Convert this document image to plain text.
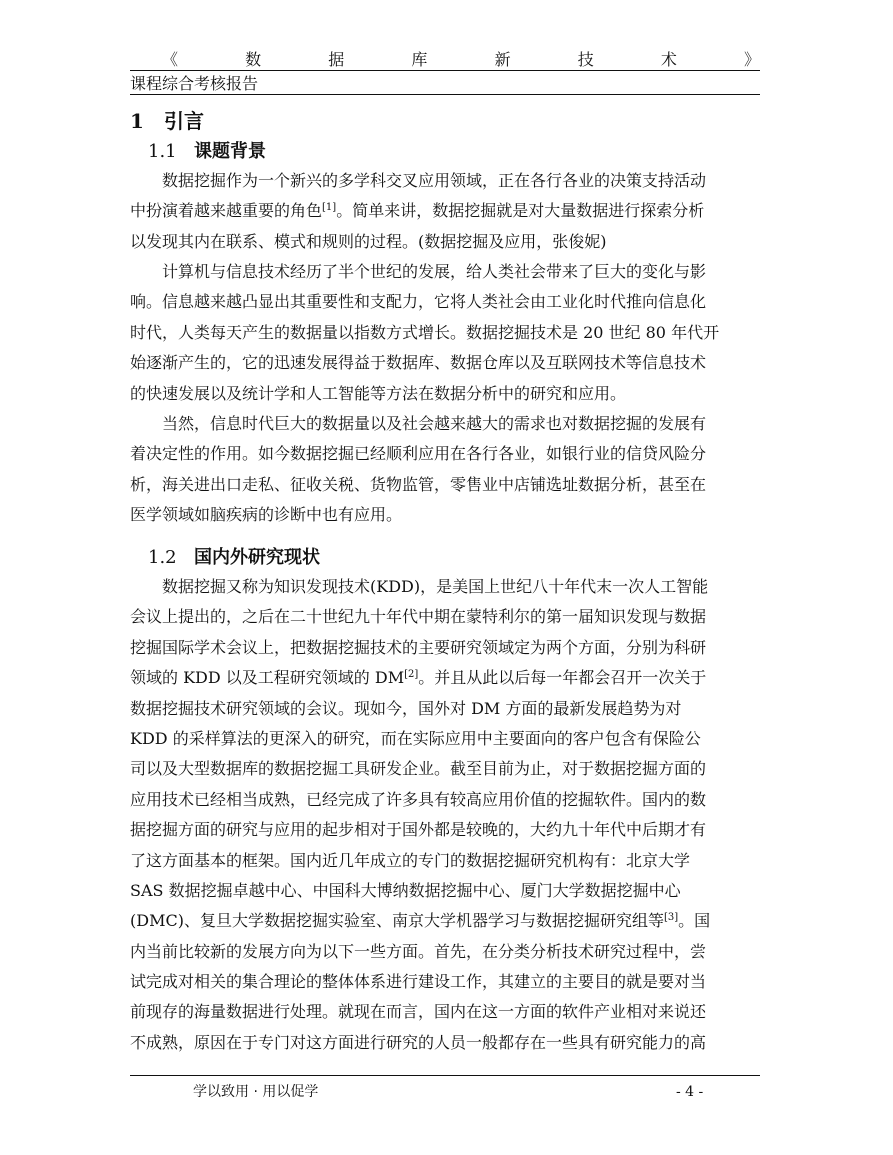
《	数	据	库	新	技	术	》
课程综合考核报告
1 引言
1.1 课题背景
数据挖掘作为一个新兴的多学科交叉应用领域，正在各行各业的决策支持活动
中扮演着越来越重要的角色[1]。简单来讲，数据挖掘就是对大量数据进行探索分析
以发现其内在联系、模式和规则的过程。(数据挖掘及应用，张俊妮)
计算机与信息技术经历了半个世纪的发展，给人类社会带来了巨大的变化与影
响。信息越来越凸显出其重要性和支配力，它将人类社会由工业化时代推向信息化
时代，人类每天产生的数据量以指数方式增长。数据挖掘技术是 20 世纪 80 年代开
始逐渐产生的，它的迅速发展得益于数据库、数据仓库以及互联网技术等信息技术
的快速发展以及统计学和人工智能等方法在数据分析中的研究和应用。
当然，信息时代巨大的数据量以及社会越来越大的需求也对数据挖掘的发展有
着决定性的作用。如今数据挖掘已经顺利应用在各行各业，如银行业的信贷风险分
析，海关进出口走私、征收关税、货物监管，零售业中店铺选址数据分析，甚至在
医学领域如脑疾病的诊断中也有应用。
1.2 国内外研究现状
数据挖掘又称为知识发现技术(KDD)，是美国上世纪八十年代末一次人工智能
会议上提出的，之后在二十世纪九十年代中期在蒙特利尔的第一届知识发现与数据
挖掘国际学术会议上，把数据挖掘技术的主要研究领域定为两个方面，分别为科研
领域的 KDD 以及工程研究领域的 DM[2]。并且从此以后每一年都会召开一次关于
数据挖掘技术研究领域的会议。现如今，国外对 DM 方面的最新发展趋势为对
KDD 的采样算法的更深入的研究，而在实际应用中主要面向的客户包含有保险公
司以及大型数据库的数据挖掘工具研发企业。截至目前为止，对于数据挖掘方面的
应用技术已经相当成熟，已经完成了许多具有较高应用价值的挖掘软件。国内的数
据挖掘方面的研究与应用的起步相对于国外都是较晚的，大约九十年代中后期才有
了这方面基本的框架。国内近几年成立的专门的数据挖掘研究机构有：北京大学
SAS 数据挖掘卓越中心、中国科大博纳数据挖掘中心、厦门大学数据挖掘中心
(DMC)、复旦大学数据挖掘实验室、南京大学机器学习与数据挖掘研究组等[3]。国
内当前比较新的发展方向为以下一些方面。首先，在分类分析技术研究过程中，尝
试完成对相关的集合理论的整体体系进行建设工作，其建立的主要目的就是要对当
前现存的海量数据进行处理。就现在而言，国内在这一方面的软件产业相对来说还
不成熟，原因在于专门对这方面进行研究的人员一般都存在一些具有研究能力的高
学以致用 · 用以促学	- 4 -
